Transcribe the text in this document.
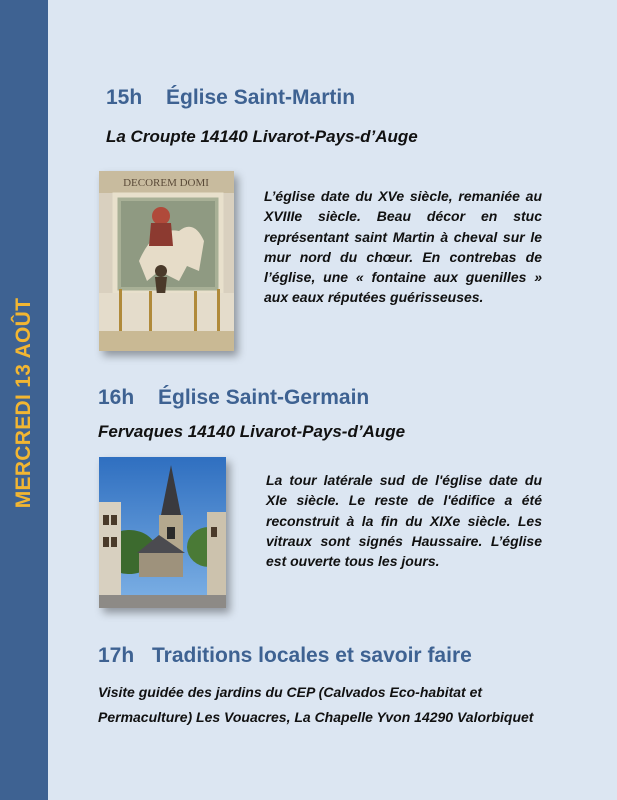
MERCREDI 13 AOÛT
15h Église Saint-Martin
La Croupte 14140 Livarot-Pays-d’Auge
DECOREM DOMI
L’église date du XVe siècle, remaniée au XVIIIe siècle. Beau décor en stuc représentant saint Martin à cheval sur le mur nord du chœur. En contrebas de l’église, une « fontaine aux guenilles » aux eaux réputées guérisseuses.
16h Église Saint-Germain
Fervaques 14140 Livarot-Pays-d’Auge
La tour latérale sud de l'église date du XIe siècle. Le reste de l'édifice a été reconstruit à la fin du XIXe siècle. Les vitraux sont signés Haussaire. L’église est ouverte tous les jours.
17h Traditions locales et savoir faire
Visite guidée des jardins du CEP (Calvados Eco-habitat et Permaculture) Les Vouacres, La Chapelle Yvon 14290 Valorbiquet
